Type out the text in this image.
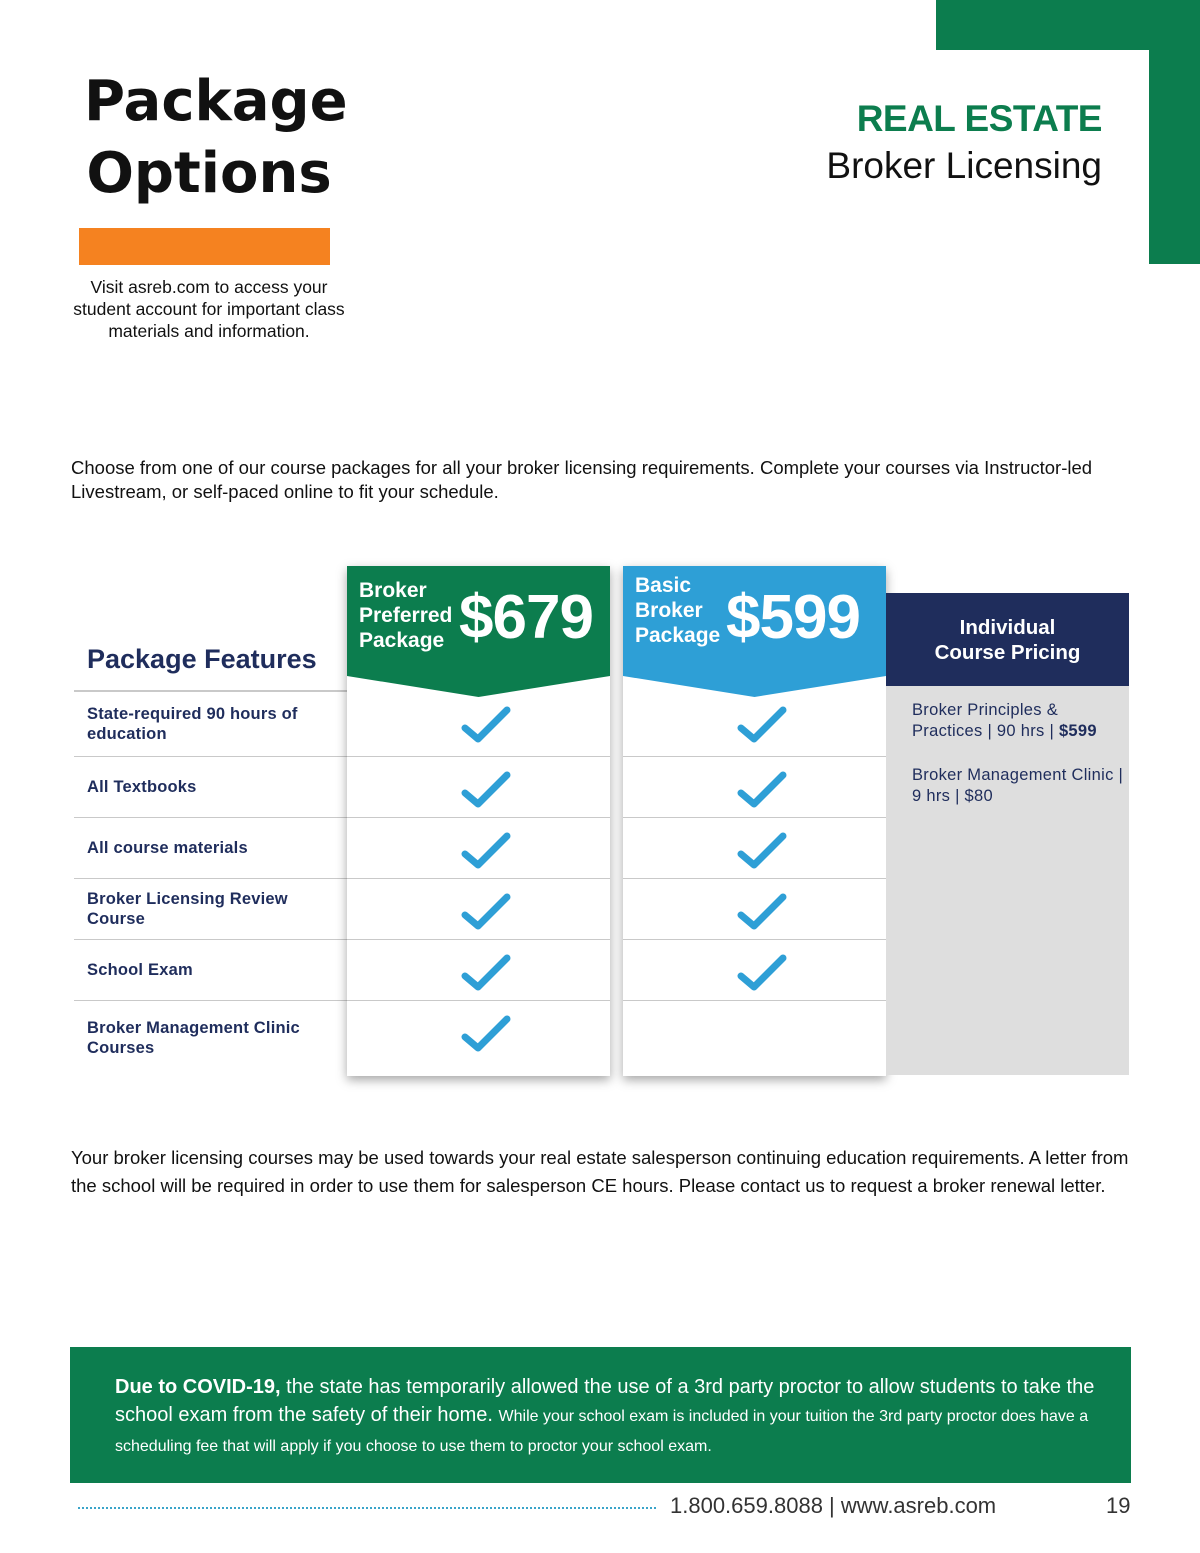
Package
Options
Visit asreb.com to access your student account for important class materials and information.
REAL ESTATE
Broker Licensing
Choose from one of our course packages for all your broker licensing requirements. Complete your courses via Instructor-led Livestream, or self-paced online to fit your schedule.
Package Features
State-required 90 hours of education
All Textbooks
All course materials
Broker Licensing Review Course
School Exam
Broker Management Clinic Courses
Broker
Preferred
Package $679 Basic
Broker
Package $599	Individual Course Pricing
Broker Principles & Practices | 90 hrs | $599
Broker Management Clinic | 9 hrs | $80
Your broker licensing courses may be used towards your real estate salesperson continuing education requirements. A letter from the school will be required in order to use them for salesperson CE hours. Please contact us to request a broker renewal letter.
Due to COVID-19, the state has temporarily allowed the use of a 3rd party proctor to allow students to take the school exam from the safety of their home. While your school exam is included in your tuition the 3rd party proctor does have a scheduling fee that will apply if you choose to use them to proctor your school exam.
1.800.659.8088 | www.asreb.com	19
